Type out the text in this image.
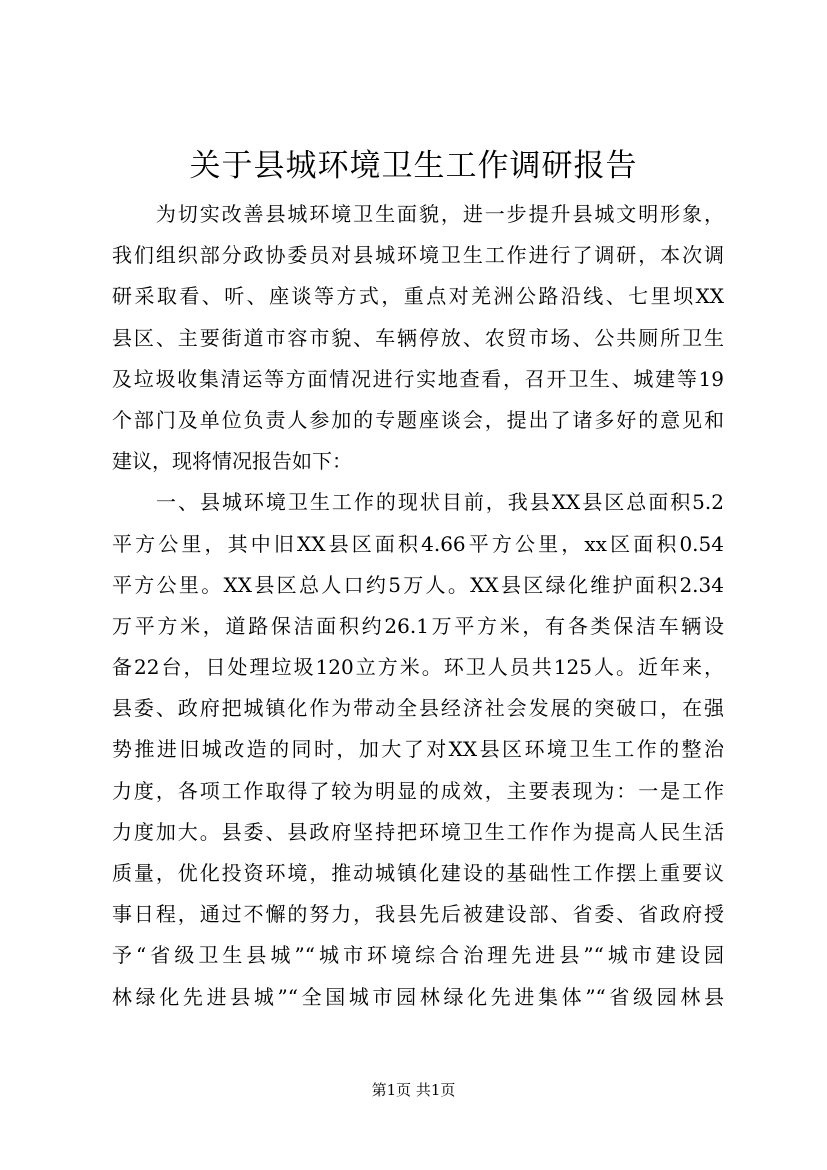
关于县城环境卫生工作调研报告
　　为切实改善县城环境卫生面貌，进一步提升县城文明形象，
我们组织部分政协委员对县城环境卫生工作进行了调研，本次调
研采取看、听、座谈等方式，重点对羌洲公路沿线、七里坝XX
县区、主要街道市容市貌、车辆停放、农贸市场、公共厕所卫生
及垃圾收集清运等方面情况进行实地查看，召开卫生、城建等19
个部门及单位负责人参加的专题座谈会，提出了诸多好的意见和
建议，现将情况报告如下：
　　一、县城环境卫生工作的现状目前，我县XX县区总面积5.2
平方公里，其中旧XX县区面积4.66平方公里，xx区面积0.54
平方公里。XX县区总人口约5万人。XX县区绿化维护面积2.34
万平方米，道路保洁面积约26.1万平方米，有各类保洁车辆设
备22台，日处理垃圾120立方米。环卫人员共125人。近年来，
县委、政府把城镇化作为带动全县经济社会发展的突破口，在强
势推进旧城改造的同时，加大了对XX县区环境卫生工作的整治
力度，各项工作取得了较为明显的成效，主要表现为：一是工作
力度加大。县委、县政府坚持把环境卫生工作作为提高人民生活
质量，优化投资环境，推动城镇化建设的基础性工作摆上重要议
事日程，通过不懈的努力，我县先后被建设部、省委、省政府授
予“省级卫生县城”“城市环境综合治理先进县”“城市建设园
林绿化先进县城”“全国城市园林绿化先进集体”“省级园林县
第1页 共1页
